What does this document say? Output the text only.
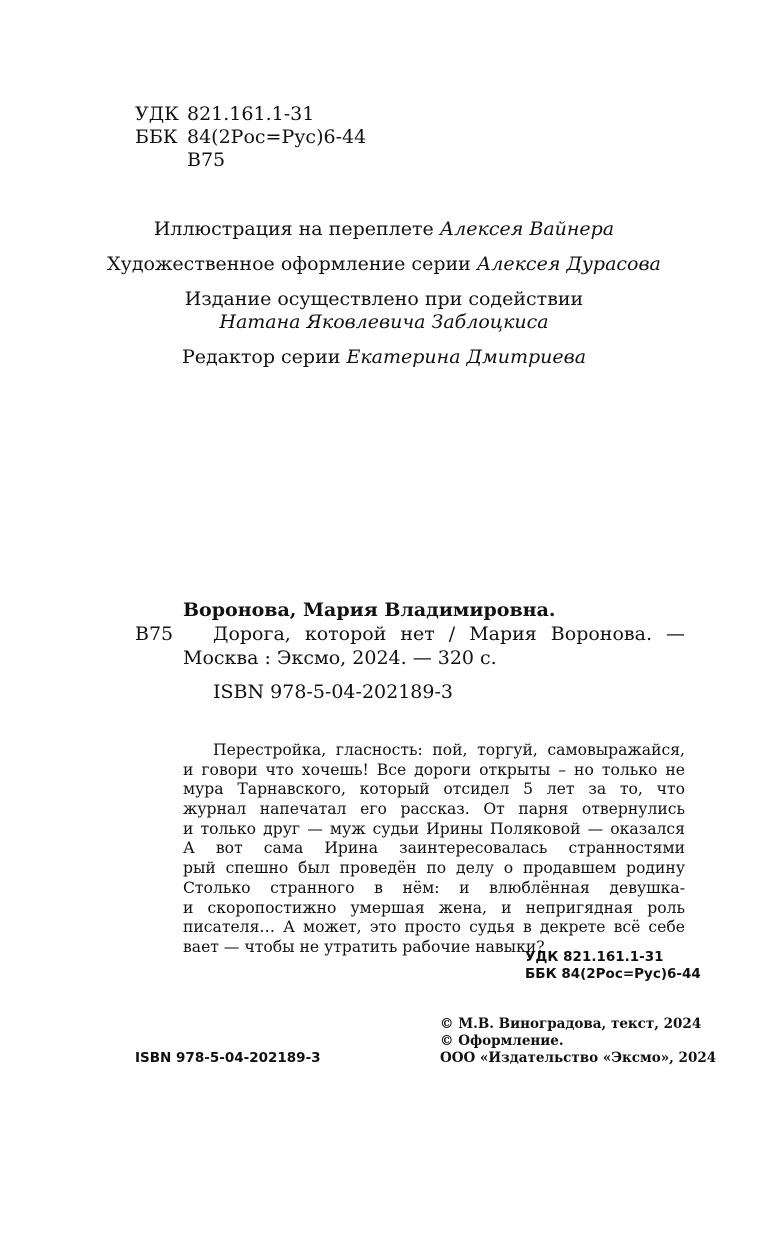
УДК 821.161.1-31
ББК 84(2Рос=Рус)6-44
В75
Иллюстрация на переплете Алексея Вайнера
Художественное оформление серии Алексея Дурасова
Издание осуществлено при содействии
Натана Яковлевича Заблоцкиса
Редактор серии Екатерина Дмитриева
Воронова, Мария Владимировна.
В75 Дорога, которой нет / Мария Воронова. —
Москва : Эксмо, 2024. — 320 с.
ISBN 978-5-04-202189-3
Перестройка, гласность: пой, торгуй, самовыражайся,
и говори что хочешь! Все дороги открыты – но только не
мура Тарнавского, который отсидел 5 лет за то, что
журнал напечатал его рассказ. От парня отвернулись
и только друг — муж судьи Ирины Поляковой — оказался
А вот сама Ирина заинтересовалась странностями
рый спешно был проведён по делу о продавшем родину
Столько странного в нём: и влюблённая девушка-
и скоропостижно умершая жена, и непригядная роль
писателя… А может, это просто судья в декрете всё себе
вает — чтобы не утратить рабочие навыки?
УДК 821.161.1-31
ББК 84(2Рос=Рус)6-44
© М.В. Виноградова, текст, 2024
© Оформление.
ISBN 978-5-04-202189-3	ООО «Издательство «Эксмо», 2024
